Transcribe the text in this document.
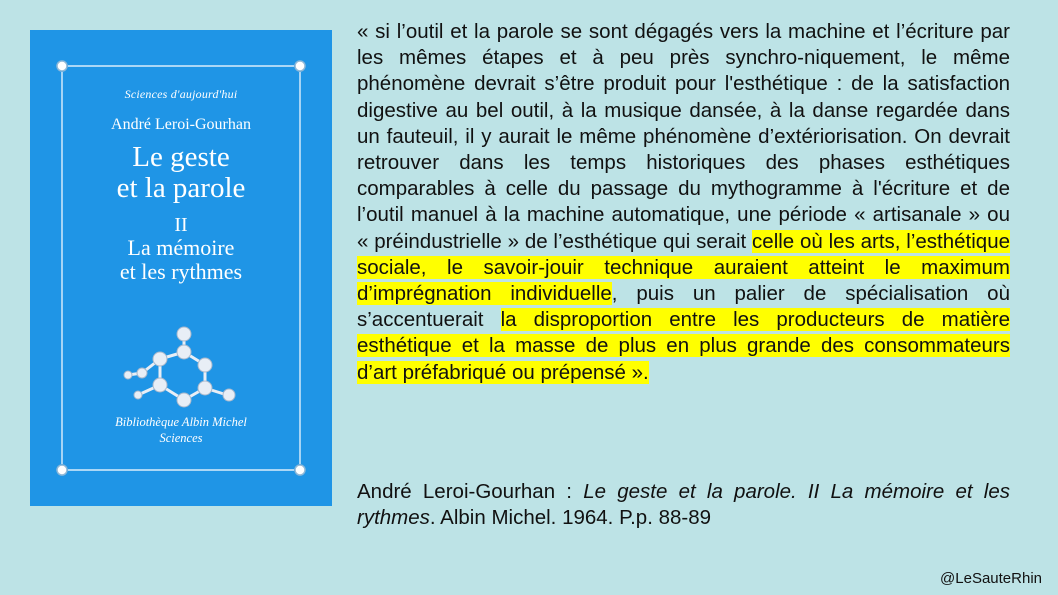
Sciences d'aujourd'hui
André Leroi-Gourhan
Le geste
et la parole
II
La mémoire
et les rythmes
Bibliothèque Albin Michel
Sciences

« si l’outil et la parole se sont dégagés vers la machine et l’écriture par les mêmes étapes et à peu près synchro-niquement, le même phénomène devrait s’être produit pour l'esthétique : de la satisfaction digestive au bel outil, à la musique dansée, à la danse regardée dans un fauteuil, il y aurait le même phénomène d’extériorisation. On devrait retrouver dans les temps historiques des phases esthétiques comparables à celle du passage du mythogramme à l'écriture et de l’outil manuel à la machine automatique, une période « artisanale » ou « préindustrielle » de l’esthétique qui serait celle où les arts, l’esthétique sociale, le savoir-jouir technique auraient atteint le maximum d’imprégnation individuelle, puis un palier de spécialisation où s’accentuerait la disproportion entre les producteurs de matière esthétique et la masse de plus en plus grande des consommateurs d’art préfabriqué ou prépensé ».

André Leroi-Gourhan : Le geste et la parole. II La mémoire et les rythmes. Albin Michel. 1964. P.p. 88-89

@LeSauteRhin
